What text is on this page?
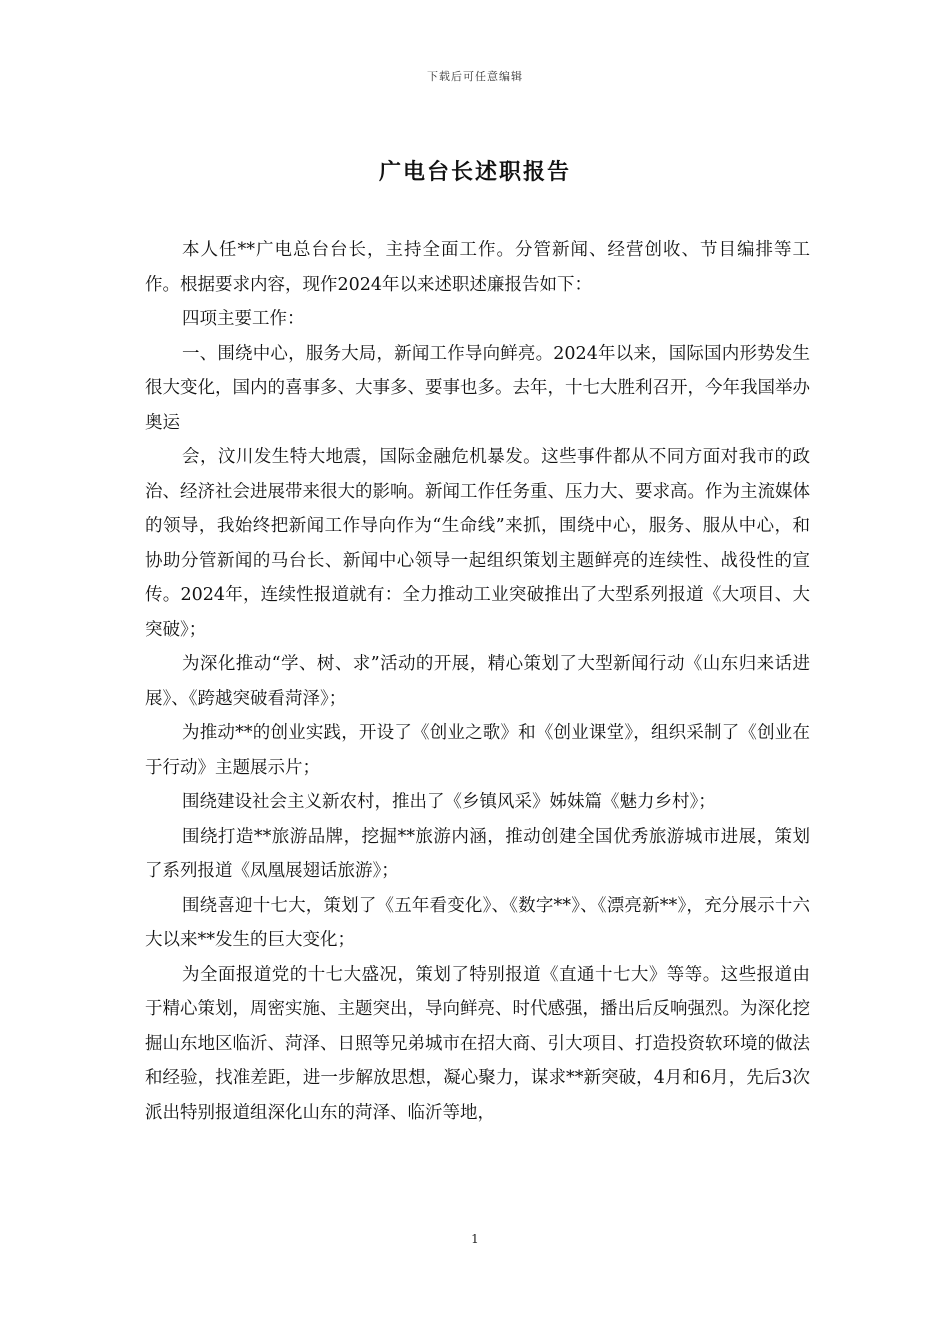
下载后可任意编辑
广电台长述职报告

本人任**广电总台台长，主持全面工作。分管新闻、经营创收、节目编排等工作。根据要求内容，现作2024年以来述职述廉报告如下：

四项主要工作：

一、围绕中心，服务大局，新闻工作导向鲜亮。2024年以来，国际国内形势发生很大变化，国内的喜事多、大事多、要事也多。去年，十七大胜利召开，今年我国举办奥运

会，汶川发生特大地震，国际金融危机暴发。这些事件都从不同方面对我市的政治、经济社会进展带来很大的影响。新闻工作任务重、压力大、要求高。作为主流媒体的领导，我始终把新闻工作导向作为“生命线”来抓，围绕中心，服务、服从中心，和协助分管新闻的马台长、新闻中心领导一起组织策划主题鲜亮的连续性、战役性的宣传。2024年，连续性报道就有：全力推动工业突破推出了大型系列报道《大项目、大突破》；

为深化推动“学、树、求”活动的开展，精心策划了大型新闻行动《山东归来话进展》、《跨越突破看菏泽》；

为推动**的创业实践，开设了《创业之歌》和《创业课堂》，组织采制了《创业在于行动》主题展示片；

围绕建设社会主义新农村，推出了《乡镇风采》姊妹篇《魅力乡村》；

围绕打造**旅游品牌，挖掘**旅游内涵，推动创建全国优秀旅游城市进展，策划了系列报道《凤凰展翅话旅游》；

围绕喜迎十七大，策划了《五年看变化》、《数字**》、《漂亮新**》，充分展示十六大以来**发生的巨大变化；

为全面报道党的十七大盛况，策划了特别报道《直通十七大》等等。这些报道由于精心策划，周密实施、主题突出，导向鲜亮、时代感强，播出后反响强烈。为深化挖掘山东地区临沂、菏泽、日照等兄弟城市在招大商、引大项目、打造投资软环境的做法和经验，找准差距，进一步解放思想，凝心聚力，谋求**新突破，4月和6月，先后3次派出特别报道组深化山东的菏泽、临沂等地，

1
